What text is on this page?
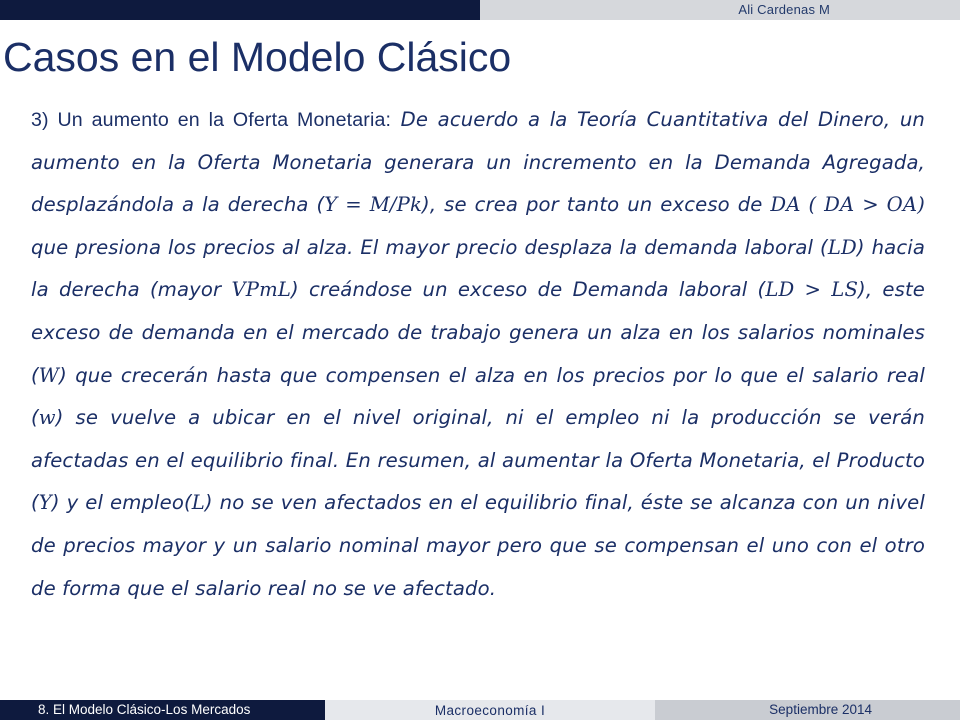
Ali Cardenas M
Casos en el Modelo Clásico

3) Un aumento en la Oferta Monetaria: De acuerdo a la Teoría Cuantitativa del Dinero, un aumento en la Oferta Monetaria generara un incremento en la Demanda Agregada, desplazándola a la derecha (Y = M/Pk), se crea por tanto un exceso de DA ( DA > OA) que presiona los precios al alza. El mayor precio desplaza la demanda laboral (LD) hacia la derecha (mayor VPmL) creándose un exceso de Demanda laboral (LD > LS), este exceso de demanda en el mercado de trabajo genera un alza en los salarios nominales (W) que crecerán hasta que compensen el alza en los precios por lo que el salario real (w) se vuelve a ubicar en el nivel original, ni el empleo ni la producción se verán afectadas en el equilibrio final. En resumen, al aumentar la Oferta Monetaria, el Producto (Y) y el empleo(L) no se ven afectados en el equilibrio final, éste se alcanza con un nivel de precios mayor y un salario nominal mayor pero que se compensan el uno con el otro de forma que el salario real no se ve afectado.

8. El Modelo Clásico-Los Mercados	Macroeconomía I	Septiembre 2014
